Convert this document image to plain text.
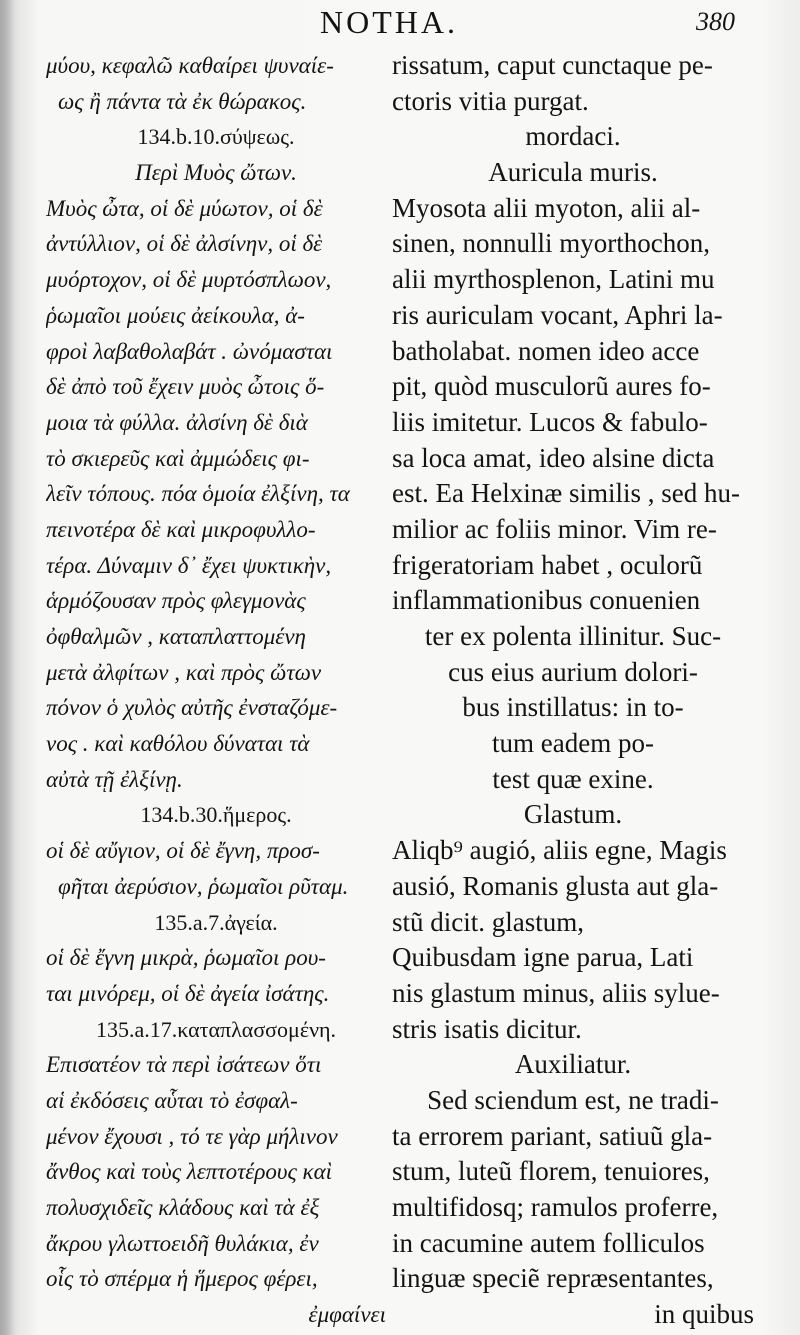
NOTHA.	380
μύου, κεφαλῶ καθαίρει ψυναίε-
ως ἢ πάντα τὰ ἐκ θώρακος.
134.b.10.σύψεως.
Περὶ Μυὸς ὤτων.
Μυὸς ὦτα, οἱ δὲ μύωτον, οἱ δὲ
ἀντύλλιον, οἱ δὲ ἀλσίνην, οἱ δὲ
μυόρτοχον, οἱ δὲ μυρτόσπλωον,
ῥωμαῖοι μούεις ἀείκουλα, ἀ-
φροὶ λαβαθολαβάτ . ὠνόμασται
δὲ ἀπὸ τοῦ ἔχειν μυὸς ὦτοις ὅ-
μοια τὰ φύλλα. ἀλσίνη δὲ διὰ
τὸ σκιερεῦς καὶ ἀμμώδεις φι-
λεῖν τόπους. πόα ὁμοία ἐλξίνη, τα
πεινοτέρα δὲ καὶ μικροφυλλο-
τέρα. Δύναμιν δ᾽ ἔχει ψυκτικὴν,
ἁρμόζουσαν πρὸς φλεγμονὰς
ὀφθαλμῶν , καταπλαττομένη
μετὰ ἀλφίτων , καὶ πρὸς ὤτων
πόνον ὁ χυλὸς αὐτῆς ἐνσταζόμε-
νος . καὶ καθόλου δύναται τὰ
αὐτὰ τῇ ἐλξίνῃ.
134.b.30.ἥμερος.
οἱ δὲ αὔγιον, οἱ δὲ ἔγνη, προσ-
φῆται ἀερύσιον, ῥωμαῖοι ρῦταμ.
135.a.7.ἀγεία.
οἱ δὲ ἔγνη μικρὰ, ῥωμαῖοι ρου-
ται μινόρεμ, οἱ δὲ ἀγεία ἰσάτης.
135.a.17.καταπλασσομένη.
Επισατέον τὰ περὶ ἰσάτεων ὅτι
αἱ ἐκδόσεις αὗται τὸ ἐσφαλ-
μένον ἔχουσι , τό τε γὰρ μήλινον
ἄνθος καὶ τοὺς λεπτοτέρους καὶ
πολυσχιδεῖς κλάδους καὶ τὰ ἐξ
ἄκρου γλωττοειδῆ θυλάκια, ἐν
οἷς τὸ σπέρμα ἡ ἥμερος φέρει,
ἐμφαίνει
rissatum, caput cunctaque pe-
ctoris vitia purgat.
mordaci.
Auricula muris.
Myosota alii myoton, alii al-
sinen, nonnulli myorthochon,
alii myrthosplenon, Latini mu
ris auriculam vocant, Aphri la-
batholabat. nomen ideo acce
pit, quòd musculorũ aures fo-
liis imitetur. Lucos & fabulo-
sa loca amat, ideo alsine dicta
est. Ea Helxinæ similis , sed hu-
milior ac foliis minor. Vim re-
frigeratoriam habet , oculorũ
inflammationibus conuenien
ter ex polenta illinitur. Suc-
cus eius aurium dolori-
bus instillatus: in to-
tum eadem po-
test quæ exine.
Glastum.
Aliqb⁹ augió, aliis egne, Magis
ausió, Romanis glusta aut gla-
stũ dicit. glastum,
Quibusdam igne parua, Lati
nis glastum minus, aliis sylue-
stris isatis dicitur.
Auxiliatur.
Sed sciendum est, ne tradi-
ta errorem pariant, satiuũ gla-
stum, luteũ florem, tenuiores,
multifidosq; ramulos proferre,
in cacumine autem folliculos
linguæ speciẽ repræsentantes,
in quibus
